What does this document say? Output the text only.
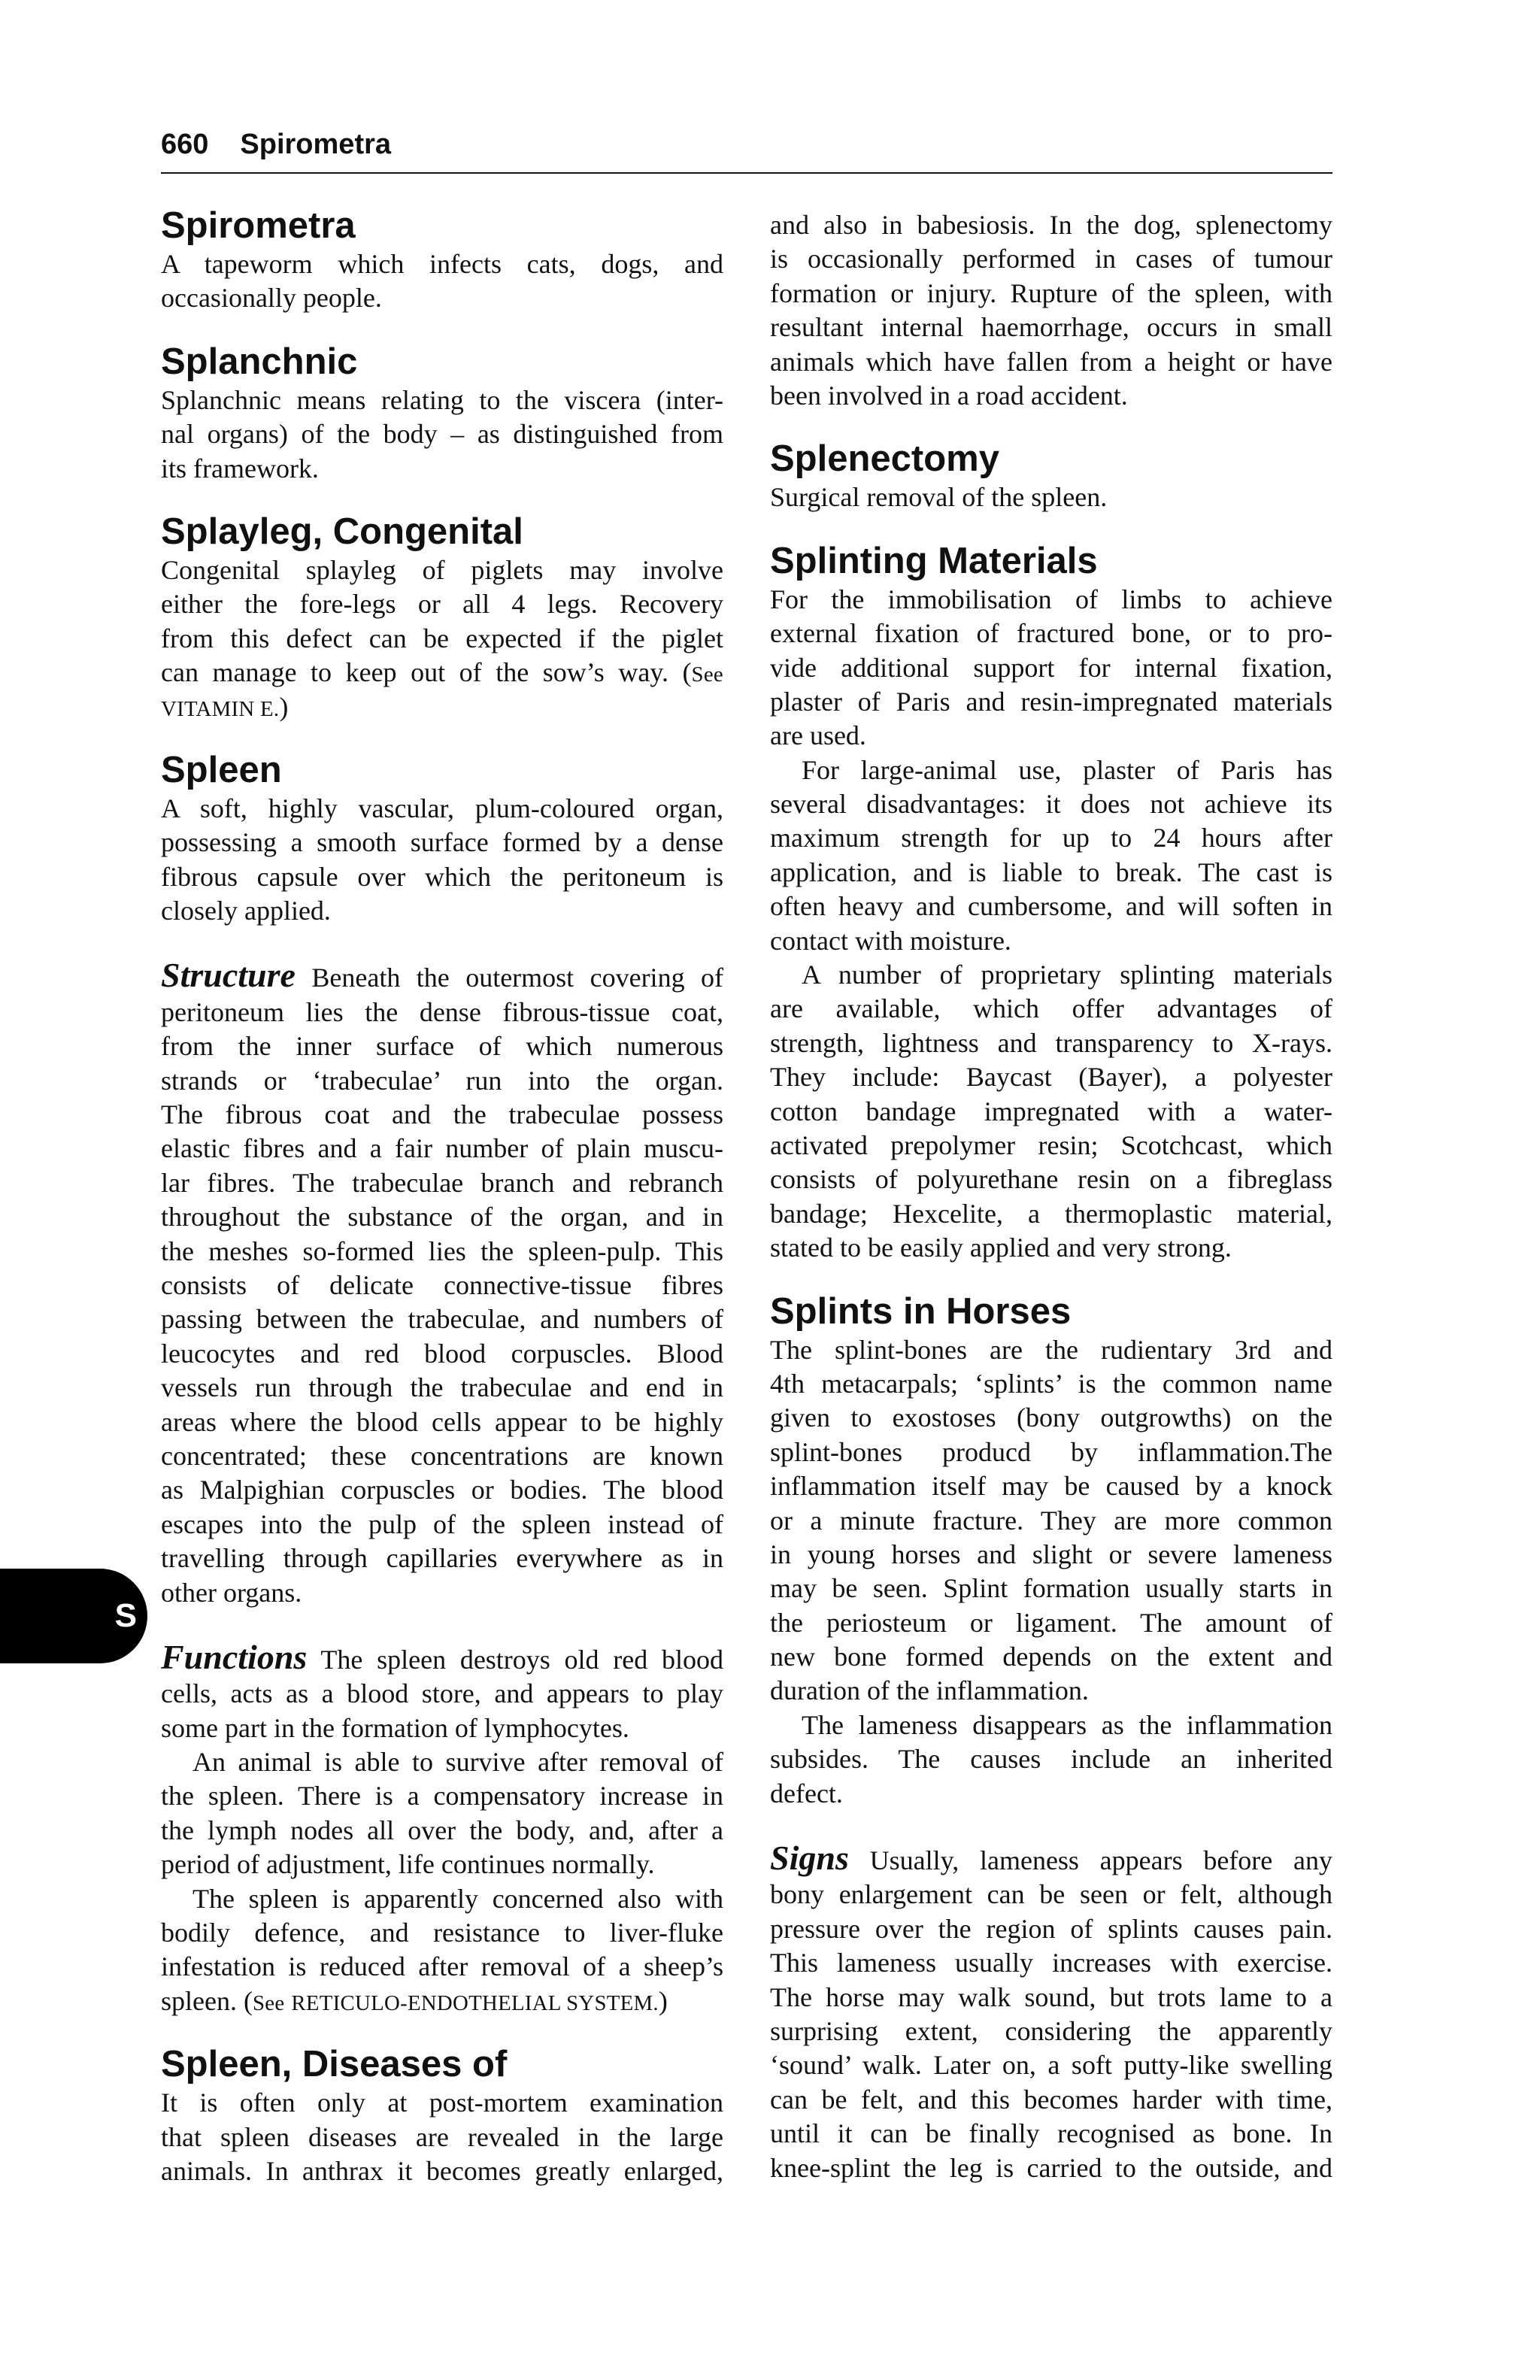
660 Spirometra
Spirometra
A tapeworm which infects cats, dogs, and
occasionally people.
Splanchnic
Splanchnic means relating to the viscera (inter-
nal organs) of the body – as distinguished from
its framework.
Splayleg, Congenital
Congenital splayleg of piglets may involve
either the fore-legs or all 4 legs. Recovery
from this defect can be expected if the piglet
can manage to keep out of the sow’s way. (See
VITAMIN E.)
Spleen
A soft, highly vascular, plum-coloured organ,
possessing a smooth surface formed by a dense
fibrous capsule over which the peritoneum is
closely applied.
Structure Beneath the outermost covering of
peritoneum lies the dense fibrous-tissue coat,
from the inner surface of which numerous
strands or ‘trabeculae’ run into the organ.
The fibrous coat and the trabeculae possess
elastic fibres and a fair number of plain muscu-
lar fibres. The trabeculae branch and rebranch
throughout the substance of the organ, and in
the meshes so-formed lies the spleen-pulp. This
consists of delicate connective-tissue fibres
passing between the trabeculae, and numbers of
leucocytes and red blood corpuscles. Blood
vessels run through the trabeculae and end in
areas where the blood cells appear to be highly
concentrated; these concentrations are known
as Malpighian corpuscles or bodies. The blood
escapes into the pulp of the spleen instead of
travelling through capillaries everywhere as in
other organs.
Functions The spleen destroys old red blood
cells, acts as a blood store, and appears to play
some part in the formation of lymphocytes.
An animal is able to survive after removal of
the spleen. There is a compensatory increase in
the lymph nodes all over the body, and, after a
period of adjustment, life continues normally.
The spleen is apparently concerned also with
bodily defence, and resistance to liver-fluke
infestation is reduced after removal of a sheep’s
spleen. (See RETICULO-ENDOTHELIAL SYSTEM.)
Spleen, Diseases of
It is often only at post-mortem examination
that spleen diseases are revealed in the large
animals. In anthrax it becomes greatly enlarged,
and also in babesiosis. In the dog, splenectomy
is occasionally performed in cases of tumour
formation or injury. Rupture of the spleen, with
resultant internal haemorrhage, occurs in small
animals which have fallen from a height or have
been involved in a road accident.
Splenectomy
Surgical removal of the spleen.
Splinting Materials
For the immobilisation of limbs to achieve
external fixation of fractured bone, or to pro-
vide additional support for internal fixation,
plaster of Paris and resin-impregnated materials
are used.
For large-animal use, plaster of Paris has
several disadvantages: it does not achieve its
maximum strength for up to 24 hours after
application, and is liable to break. The cast is
often heavy and cumbersome, and will soften in
contact with moisture.
A number of proprietary splinting materials
are available, which offer advantages of
strength, lightness and transparency to X-rays.
They include: Baycast (Bayer), a polyester
cotton bandage impregnated with a water-
activated prepolymer resin; Scotchcast, which
consists of polyurethane resin on a fibreglass
bandage; Hexcelite, a thermoplastic material,
stated to be easily applied and very strong.
Splints in Horses
The splint-bones are the rudientary 3rd and
4th metacarpals; ‘splints’ is the common name
given to exostoses (bony outgrowths) on the
splint-bones producd by inflammation.The
inflammation itself may be caused by a knock
or a minute fracture. They are more common
in young horses and slight or severe lameness
may be seen. Splint formation usually starts in
the periosteum or ligament. The amount of
new bone formed depends on the extent and
duration of the inflammation.
The lameness disappears as the inflammation
subsides. The causes include an inherited
defect.
Signs Usually, lameness appears before any
bony enlargement can be seen or felt, although
pressure over the region of splints causes pain.
This lameness usually increases with exercise.
The horse may walk sound, but trots lame to a
surprising extent, considering the apparently
‘sound’ walk. Later on, a soft putty-like swelling
can be felt, and this becomes harder with time,
until it can be finally recognised as bone. In
knee-splint the leg is carried to the outside, and
S
